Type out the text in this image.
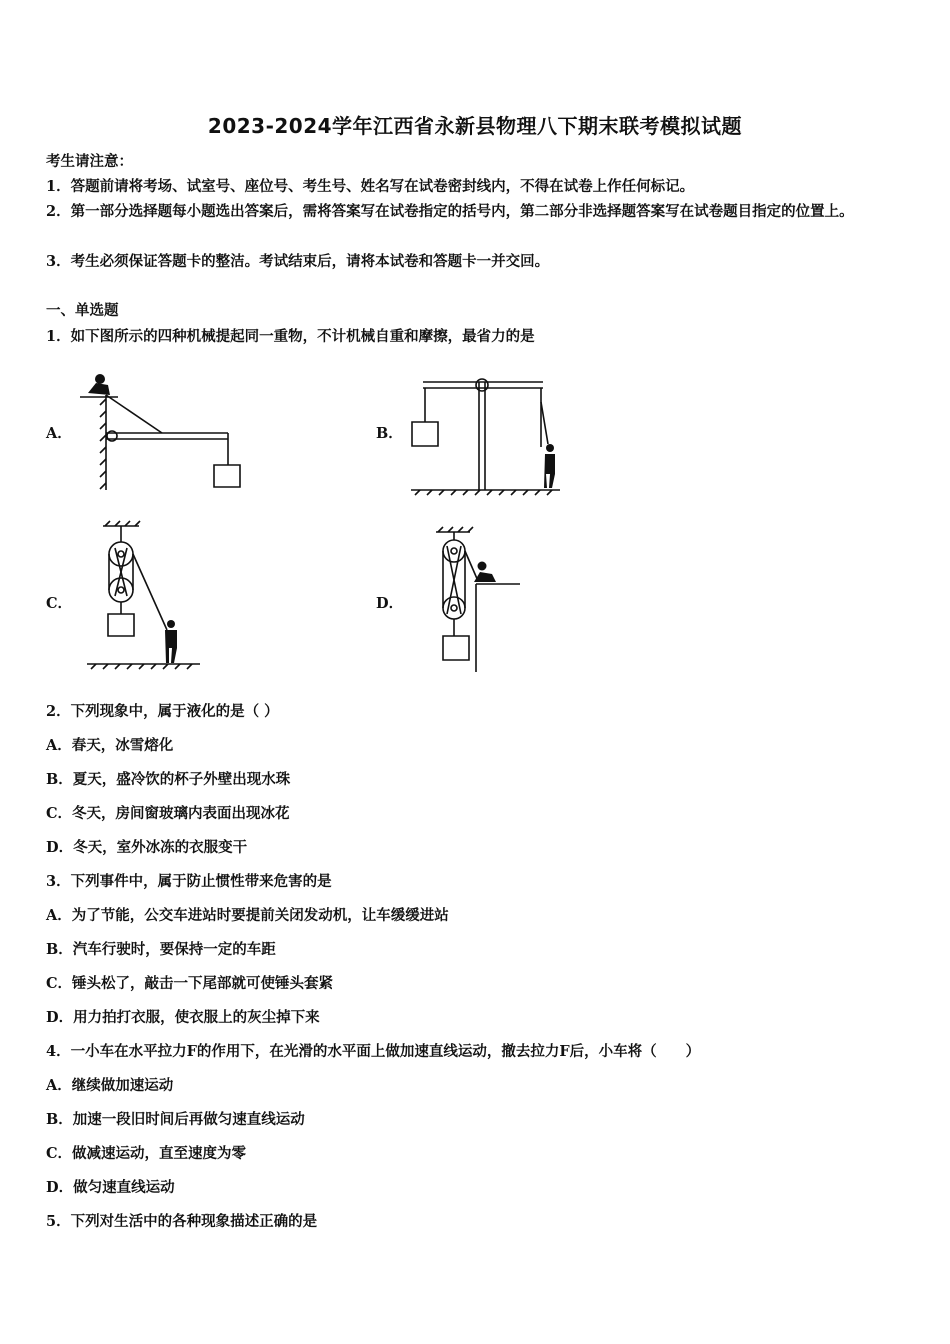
2023-2024学年江西省永新县物理八下期末联考模拟试题
考生请注意：
1．答题前请将考场、试室号、座位号、考生号、姓名写在试卷密封线内，不得在试卷上作任何标记。
2．第一部分选择题每小题选出答案后，需将答案写在试卷指定的括号内，第二部分非选择题答案写在试卷题目指定的位置上。
3．考生必须保证答题卡的整洁。考试结束后，请将本试卷和答题卡一并交回。
一、单选题
1．如下图所示的四种机械提起同一重物，不计机械自重和摩擦，最省力的是
A．	B．
C．	D．
2．下列现象中，属于液化的是（ ）
A．春天，冰雪熔化
B．夏天，盛冷饮的杯子外壁出现水珠
C．冬天，房间窗玻璃内表面出现冰花
D．冬天，室外冰冻的衣服变干
3．下列事件中，属于防止惯性带来危害的是
A．为了节能，公交车进站时要提前关闭发动机，让车缓缓进站
B．汽车行驶时，要保持一定的车距
C．锤头松了，敲击一下尾部就可使锤头套紧
D．用力拍打衣服，使衣服上的灰尘掉下来
4．一小车在水平拉力F的作用下，在光滑的水平面上做加速直线运动，撤去拉力F后，小车将（　　）
A．继续做加速运动
B．加速一段旧时间后再做匀速直线运动
C．做减速运动，直至速度为零
D．做匀速直线运动
5．下列对生活中的各种现象描述正确的是
